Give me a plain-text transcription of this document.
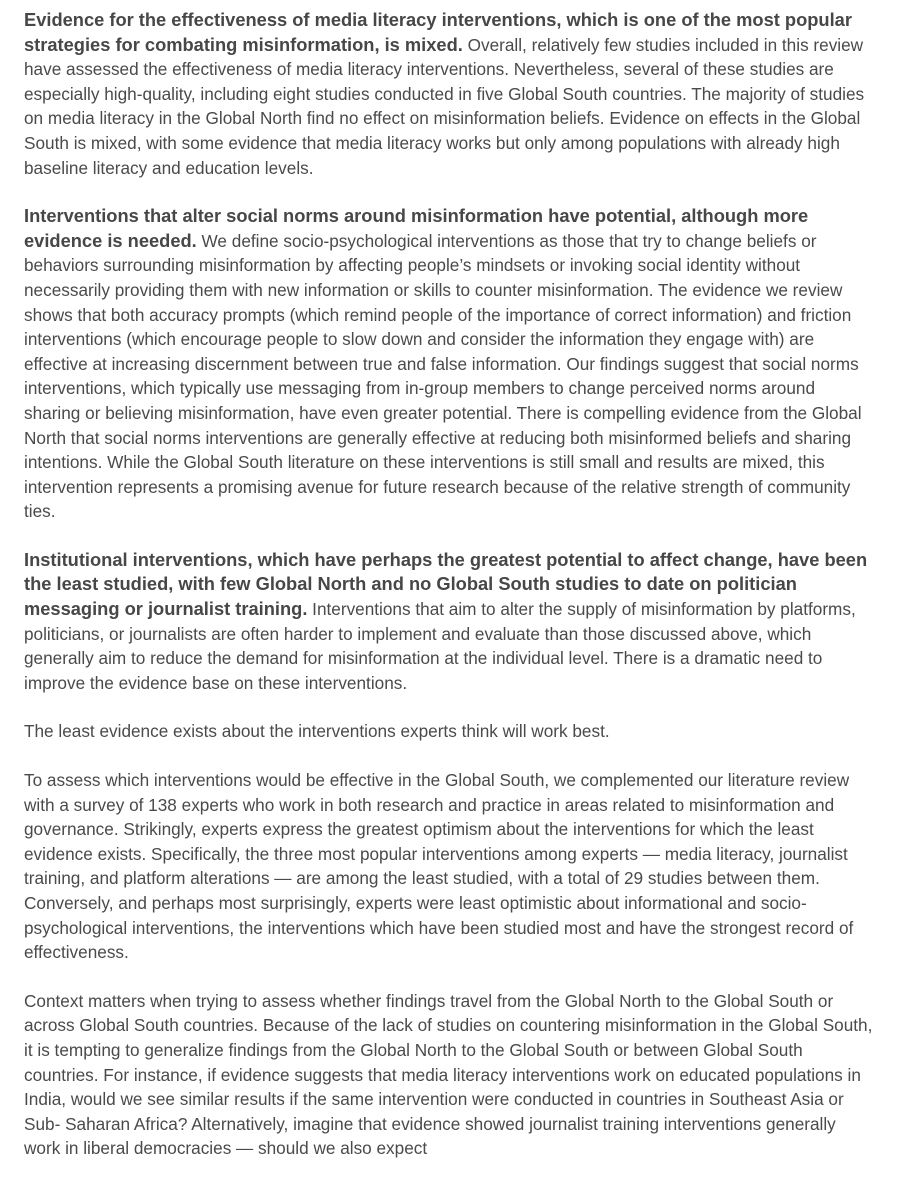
Evidence for the effectiveness of media literacy interventions, which is one of the most popular strategies for combating misinformation, is mixed. Overall, relatively few studies included in this review have assessed the effectiveness of media literacy interventions. Nevertheless, several of these studies are especially high-quality, including eight studies conducted in five Global South countries. The majority of studies on media literacy in the Global North find no effect on misinformation beliefs. Evidence on effects in the Global South is mixed, with some evidence that media literacy works but only among populations with already high baseline literacy and education levels.

Interventions that alter social norms around misinformation have potential, although more evidence is needed. We define socio-psychological interventions as those that try to change beliefs or behaviors surrounding misinformation by affecting people’s mindsets or invoking social identity without necessarily providing them with new information or skills to counter misinformation. The evidence we review shows that both accuracy prompts (which remind people of the importance of correct information) and friction interventions (which encourage people to slow down and consider the information they engage with) are effective at increasing discernment between true and false information. Our findings suggest that social norms interventions, which typically use messaging from in-group members to change perceived norms around sharing or believing misinformation, have even greater potential. There is compelling evidence from the Global North that social norms interventions are generally effective at reducing both misinformed beliefs and sharing intentions. While the Global South literature on these interventions is still small and results are mixed, this intervention represents a promising avenue for future research because of the relative strength of community ties.

Institutional interventions, which have perhaps the greatest potential to affect change, have been the least studied, with few Global North and no Global South studies to date on politician messaging or journalist training. Interventions that aim to alter the supply of misinformation by platforms, politicians, or journalists are often harder to implement and evaluate than those discussed above, which generally aim to reduce the demand for misinformation at the individual level. There is a dramatic need to improve the evidence base on these interventions.

The least evidence exists about the interventions experts think will work best.

To assess which interventions would be effective in the Global South, we complemented our literature review with a survey of 138 experts who work in both research and practice in areas related to misinformation and governance. Strikingly, experts express the greatest optimism about the interventions for which the least evidence exists. Specifically, the three most popular interventions among experts — media literacy, journalist training, and platform alterations — are among the least studied, with a total of 29 studies between them. Conversely, and perhaps most surprisingly, experts were least optimistic about informational and socio- psychological interventions, the interventions which have been studied most and have the strongest record of effectiveness.

Context matters when trying to assess whether findings travel from the Global North to the Global South or across Global South countries. Because of the lack of studies on countering misinformation in the Global South, it is tempting to generalize findings from the Global North to the Global South or between Global South countries. For instance, if evidence suggests that media literacy interventions work on educated populations in India, would we see similar results if the same intervention were conducted in countries in Southeast Asia or Sub- Saharan Africa? Alternatively, imagine that evidence showed journalist training interventions generally work in liberal democracies — should we also expect
